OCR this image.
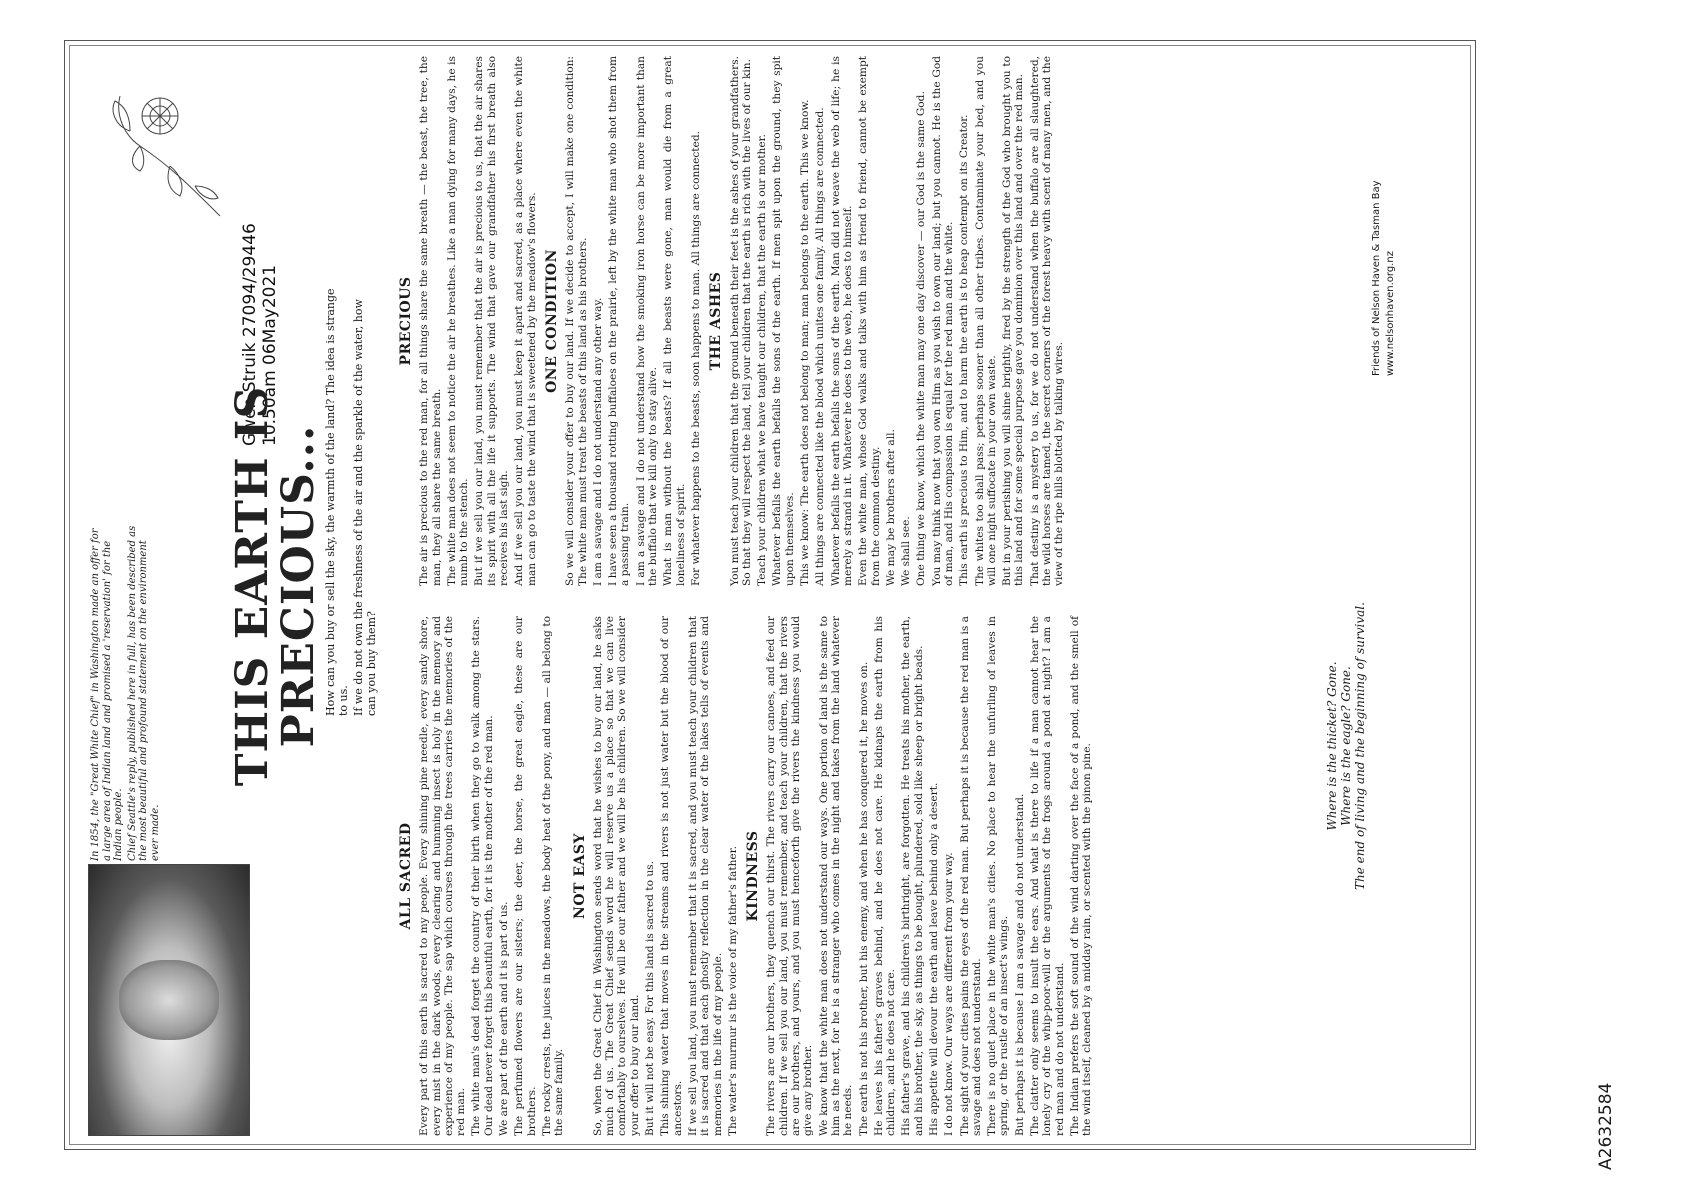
A2632584
Gwen Struik 27094/29446 10.50am 06May2021

In 1854, the "Great White Chief" in Washington made an offer for a large area of Indian land and promised a 'reservation' for the Indian people. Chief Seattle's reply, published here in full, has been described as the most beautiful and profound statement on the environment ever made.

THIS EARTH IS PRECIOUS... How can you buy or sell the sky, the warmth of the land? The idea is strange to us. If we do not own the freshness of the air and the sparkle of the water, how can you buy them?

ALL SACRED Every part of this earth is sacred to my people. Every shining pine needle, every sandy shore, every mist in the dark woods, every clearing and humming insect is holy in the memory and experience of my people. The sap which courses through the trees carries the memories of the red man. The white man's dead forget the country of their birth when they go to walk among the stars. Our dead never forget this beautiful earth, for it is the mother of the red man. We are part of the earth and it is part of us. The perfumed flowers are our sisters; the deer, the horse, the great eagle, these are our brothers. The rocky crests, the juices in the meadows, the body heat of the pony, and man — all belong to the same family.

NOT EASY So, when the Great Chief in Washington sends word that he wishes to buy our land, he asks much of us. The Great Chief sends word he will reserve us a place so that we can live comfortably to ourselves. He will be our father and we will be his children. So we will consider your offer to buy our land. But it will not be easy. For this land is sacred to us. This shining water that moves in the streams and rivers is not just water but the blood of our ancestors. If we sell you land, you must remember that it is sacred, and you must teach your children that it is sacred and that each ghostly reflection in the clear water of the lakes tells of events and memories in the life of my people. The water's murmur is the voice of my father's father. KINDNESS The rivers are our brothers, they quench our thirst. The rivers carry our canoes, and feed our children. If we sell you our land, you must remember, and teach your children, that the rivers are our brothers, and yours, and you must henceforth give the rivers the kindness you would give any brother. We know that the white man does not understand our ways. One portion of land is the same to him as the next, for he is a stranger who comes in the night and takes from the land whatever he needs. The earth is not his brother, but his enemy, and when he has conquered it, he moves on. He leaves his father's graves behind, and he does not care. He kidnaps the earth from his children, and he does not care. His father's grave, and his children's birthright, are forgotten. He treats his mother, the earth, and his brother, the sky, as things to be bought, plundered, sold like sheep or bright beads. His appetite will devour the earth and leave behind only a desert. I do not know. Our ways are different from your way. The sight of your cities pains the eyes of the red man. But perhaps it is because the red man is a savage and does not understand. There is no quiet place in the white man's cities. No place to hear the unfurling of leaves in spring, or the rustle of an insect's wings. But perhaps it is because I am a savage and do not understand. The clatter only seems to insult the ears. And what is there to life if a man cannot hear the lonely cry of the whip-poor-will or the arguments of the frogs around a pond at night? I am a red man and do not understand. The Indian prefers the soft sound of the wind darting over the face of a pond, and the smell of the wind itself, cleaned by a midday rain, or scented with the pinon pine.

PRECIOUS The air is precious to the red man, for all things share the same breath — the beast, the tree, the man, they all share the same breath. The white man does not seem to notice the air he breathes. Like a man dying for many days, he is numb to the stench. But if we sell you our land, you must remember that the air is precious to us, that the air shares its spirit with all the life it supports. The wind that gave our grandfather his first breath also receives his last sigh. And if we sell you our land, you must keep it apart and sacred, as a place where even the white man can go to taste the wind that is sweetened by the meadow's flowers. ONE CONDITION So we will consider your offer to buy our land. If we decide to accept, I will make one condition: The white man must treat the beasts of this land as his brothers. I am a savage and I do not understand any other way. I have seen a thousand rotting buffaloes on the prairie, left by the white man who shot them from a passing train. I am a savage and I do not understand how the smoking iron horse can be more important than the buffalo that we kill only to stay alive. What is man without the beasts? If all the beasts were gone, man would die from a great loneliness of spirit. For whatever happens to the beasts, soon happens to man. All things are connected. THE ASHES You must teach your children that the ground beneath their feet is the ashes of your grandfathers. So that they will respect the land, tell your children that the earth is rich with the lives of our kin. Teach your children what we have taught our children, that the earth is our mother. Whatever befalls the earth befalls the sons of the earth. If men spit upon the ground, they spit upon themselves. This we know: The earth does not belong to man; man belongs to the earth. This we know. All things are connected like the blood which unites one family. All things are connected. Whatever befalls the earth befalls the sons of the earth. Man did not weave the web of life; he is merely a strand in it. Whatever he does to the web, he does to himself. Even the white man, whose God walks and talks with him as friend to friend, cannot be exempt from the common destiny. We may be brothers after all. We shall see. One thing we know, which the white man may one day discover — our God is the same God. You may think now that you own Him as you wish to own our land; but you cannot. He is the God of man, and His compassion is equal for the red man and the white. This earth is precious to Him, and to harm the earth is to heap contempt on its Creator. The whites too shall pass; perhaps sooner than all other tribes. Contaminate your bed, and you will one night suffocate in your own waste. But in your perishing you will shine brightly, fired by the strength of the God who brought you to this land and for some special purpose gave you dominion over this land and over the red man. That destiny is a mystery to us, for we do not understand when the buffalo are all slaughtered, the wild horses are tamed, the secret corners of the forest heavy with scent of many men, and the view of the ripe hills blotted by talking wires.

Where is the thicket? Gone. Where is the eagle? Gone. The end of living and the beginning of survival.

Friends of Nelson Haven & Tasman Bay www.nelsonhaven.org.nz
